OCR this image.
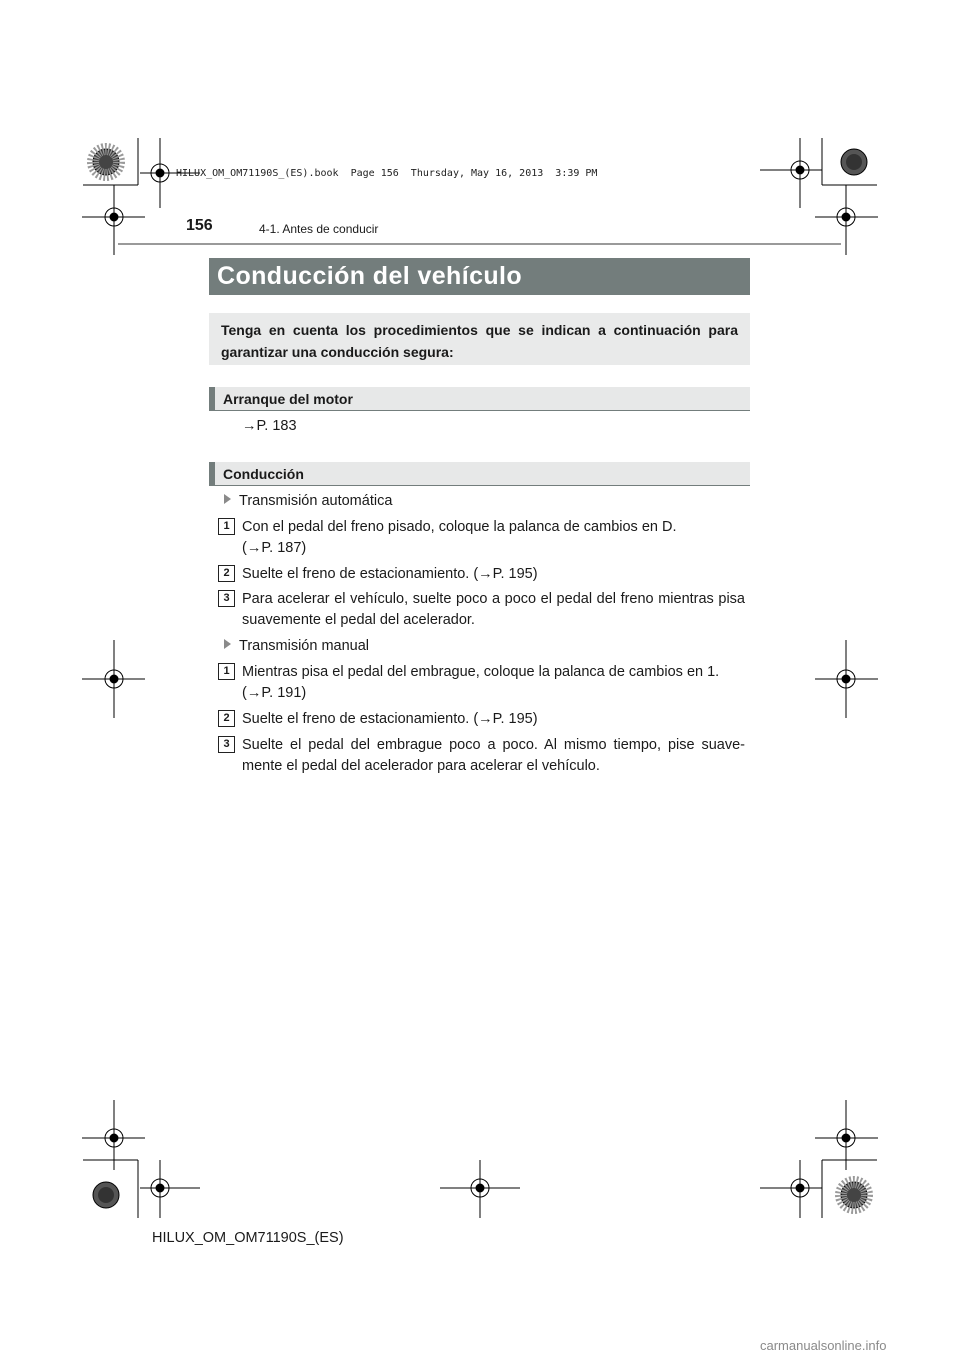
HILUX_OM_OM71190S_(ES).book  Page 156  Thursday, May 16, 2013  3:39 PM
156	4-1. Antes de conducir
Conducción del vehículo
Tenga en cuenta los procedimientos que se indican a continuación para garantizar una conducción segura:
Arranque del motor
→P. 183
Conducción
Transmisión automática
1 Con el pedal del freno pisado, coloque la palanca de cambios en D.
(→P. 187)
2 Suelte el freno de estacionamiento. (→P. 195)
3 Para acelerar el vehículo, suelte poco a poco el pedal del freno mientras pisa suavemente el pedal del acelerador.
Transmisión manual
1 Mientras pisa el pedal del embrague, coloque la palanca de cambios en 1.
(→P. 191)
2 Suelte el freno de estacionamiento. (→P. 195)
3 Suelte el pedal del embrague poco a poco. Al mismo tiempo, pise suave-mente el pedal del acelerador para acelerar el vehículo.
HILUX_OM_OM71190S_(ES)
carmanualsonline.info
